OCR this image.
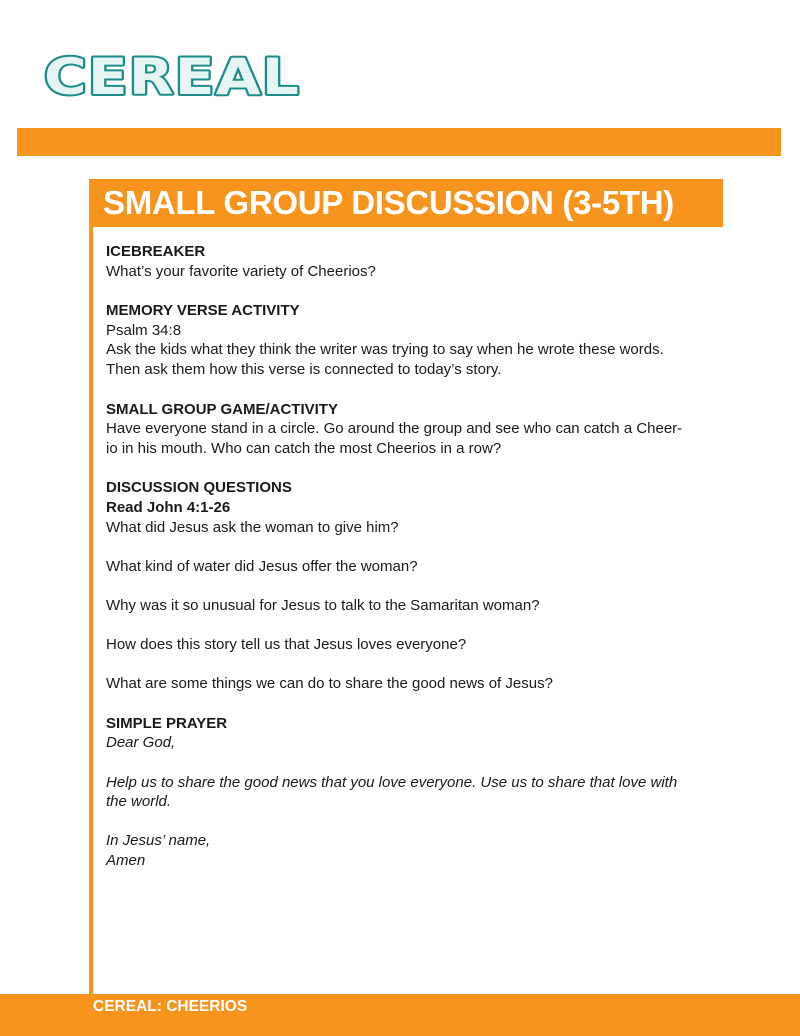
CEREAL
SMALL GROUP DISCUSSION (3-5TH)

ICEBREAKER

What’s your favorite variety of Cheerios?

MEMORY VERSE ACTIVITY

Psalm 34:8

Ask the kids what they think the writer was trying to say when he wrote these words.

Then ask them how this verse is connected to today’s story.

SMALL GROUP GAME/ACTIVITY

Have everyone stand in a circle. Go around the group and see who can catch a Cheer-

io in his mouth. Who can catch the most Cheerios in a row?

DISCUSSION QUESTIONS

Read John 4:1-26

What did Jesus ask the woman to give him?

What kind of water did Jesus offer the woman?

Why was it so unusual for Jesus to talk to the Samaritan woman?

How does this story tell us that Jesus loves everyone?

What are some things we can do to share the good news of Jesus?

SIMPLE PRAYER

Dear God,

Help us to share the good news that you love everyone. Use us to share that love with

the world.

In Jesus’ name,

Amen

CEREAL: CHEERIOS
